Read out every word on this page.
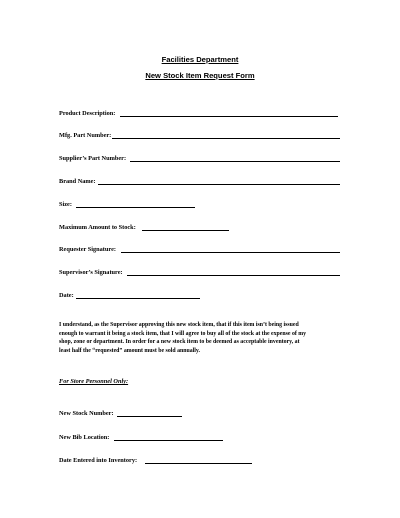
Facilities Department
New Stock Item Request Form
Product Description:
Mfg. Part Number:
Supplier’s Part Number:
Brand Name:
Size:
Maximum Amount to Stock:
Requester Signature:
Supervisor’s Signature:
Date:
I understand, as the Supervisor approving this new stock item, that if this item isn’t being issued
enough to warrant it being a stock item, that I will agree to buy all of the stock at the expense of my
shop, zone or department. In order for a new stock item to be deemed as acceptable inventory, at
least half the “requested” amount must be sold annually.
For Store Personnel Only:
New Stock Number:
New Bib Location:
Date Entered into Inventory:
